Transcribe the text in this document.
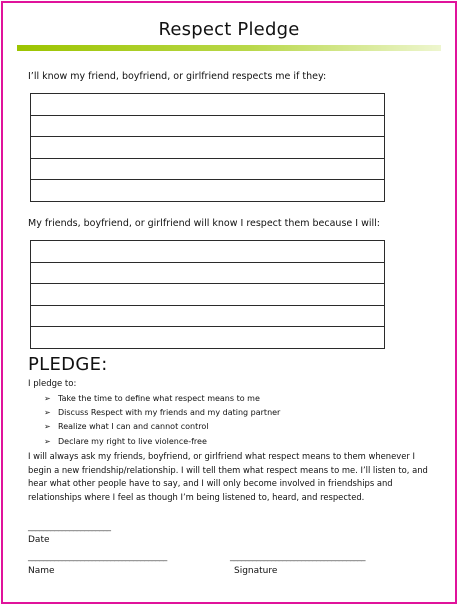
Respect Pledge
I’ll know my friend, boyfriend, or girlfriend respects me if they:
My friends, boyfriend, or girlfriend will know I respect them because I will:
PLEDGE:
I pledge to:
➢ Take the time to define what respect means to me
➢ Discuss Respect with my friends and my dating partner
➢ Realize what I can and cannot control
➢ Declare my right to live violence-free
I will always ask my friends, boyfriend, or girlfriend what respect means to them whenever I begin a new friendship/relationship. I will tell them what respect means to me. I’ll listen to, and hear what other people have to say, and I will only become involved in friendships and relationships where I feel as though I’m being listened to, heard, and respected.
______________________
Date
_____________________________________
Name
____________________________________
Signature
